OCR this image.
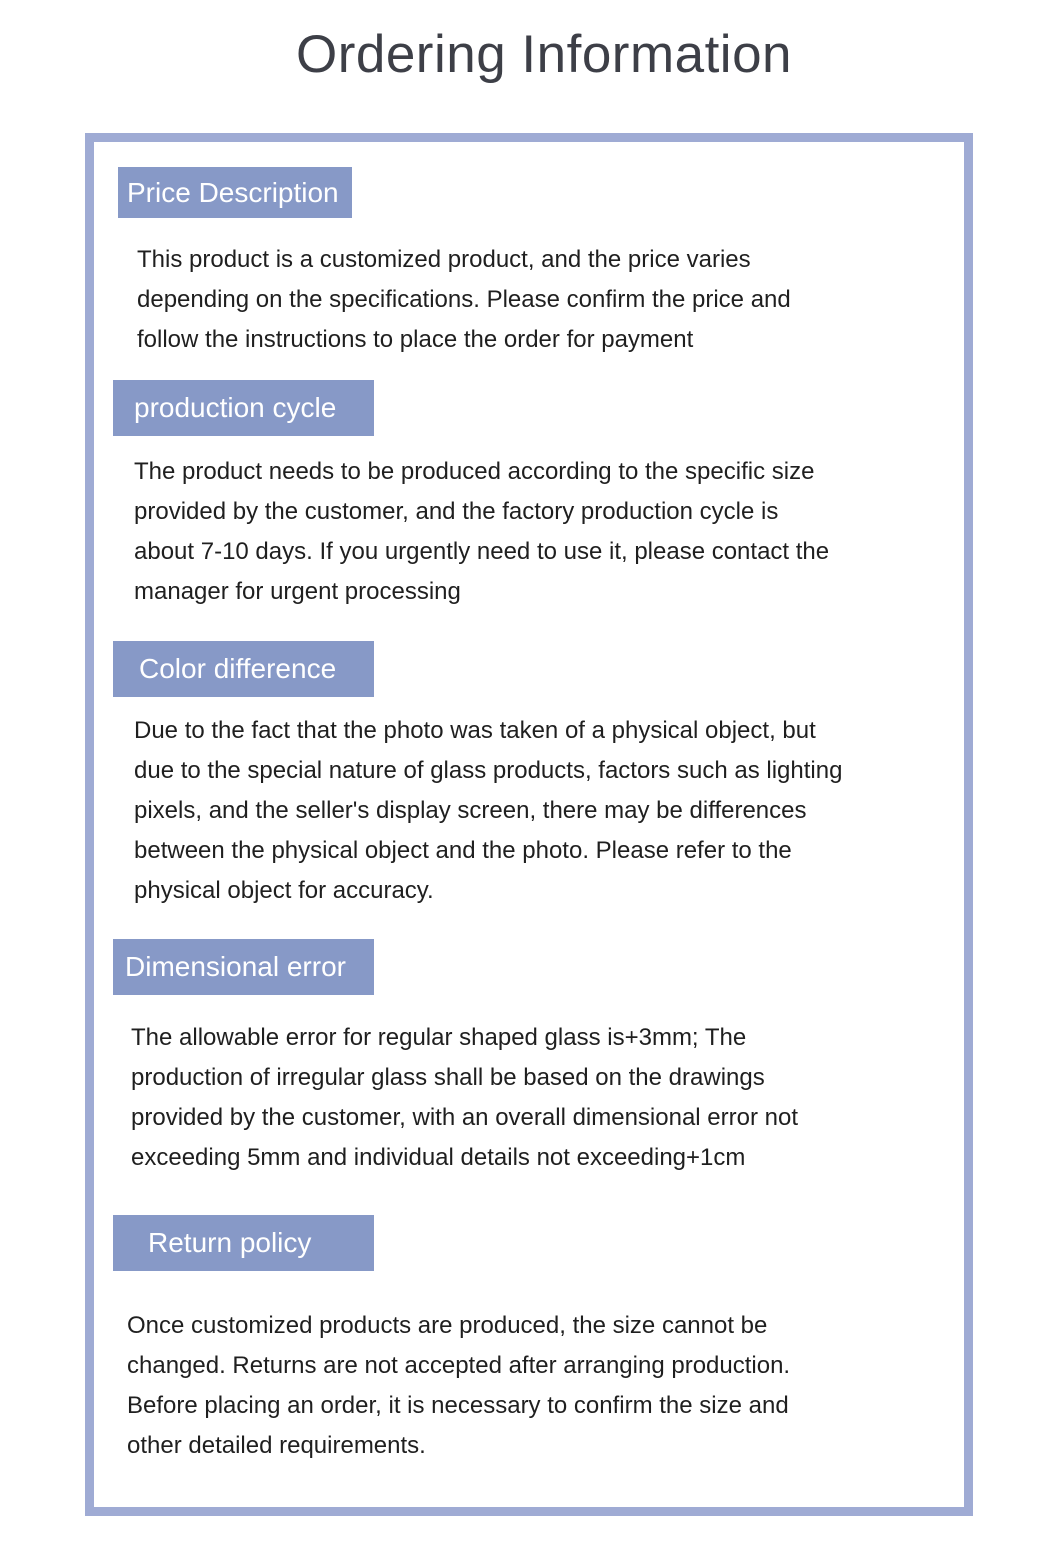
Ordering Information
Price Description

This product is a customized product, and the price varies
depending on the specifications. Please confirm the price and
follow the instructions to place the order for payment

production cycle

The product needs to be produced according to the specific size
provided by the customer, and the factory production cycle is
about 7-10 days. If you urgently need to use it, please contact the
manager for urgent processing

Color difference

Due to the fact that the photo was taken of a physical object, but
due to the special nature of glass products, factors such as lighting
pixels, and the seller's display screen, there may be differences
between the physical object and the photo. Please refer to the
physical object for accuracy.

Dimensional error

The allowable error for regular shaped glass is+3mm; The
production of irregular glass shall be based on the drawings
provided by the customer, with an overall dimensional error not
exceeding 5mm and individual details not exceeding+1cm

Return policy

Once customized products are produced, the size cannot be
changed. Returns are not accepted after arranging production.
Before placing an order, it is necessary to confirm the size and
other detailed requirements.
